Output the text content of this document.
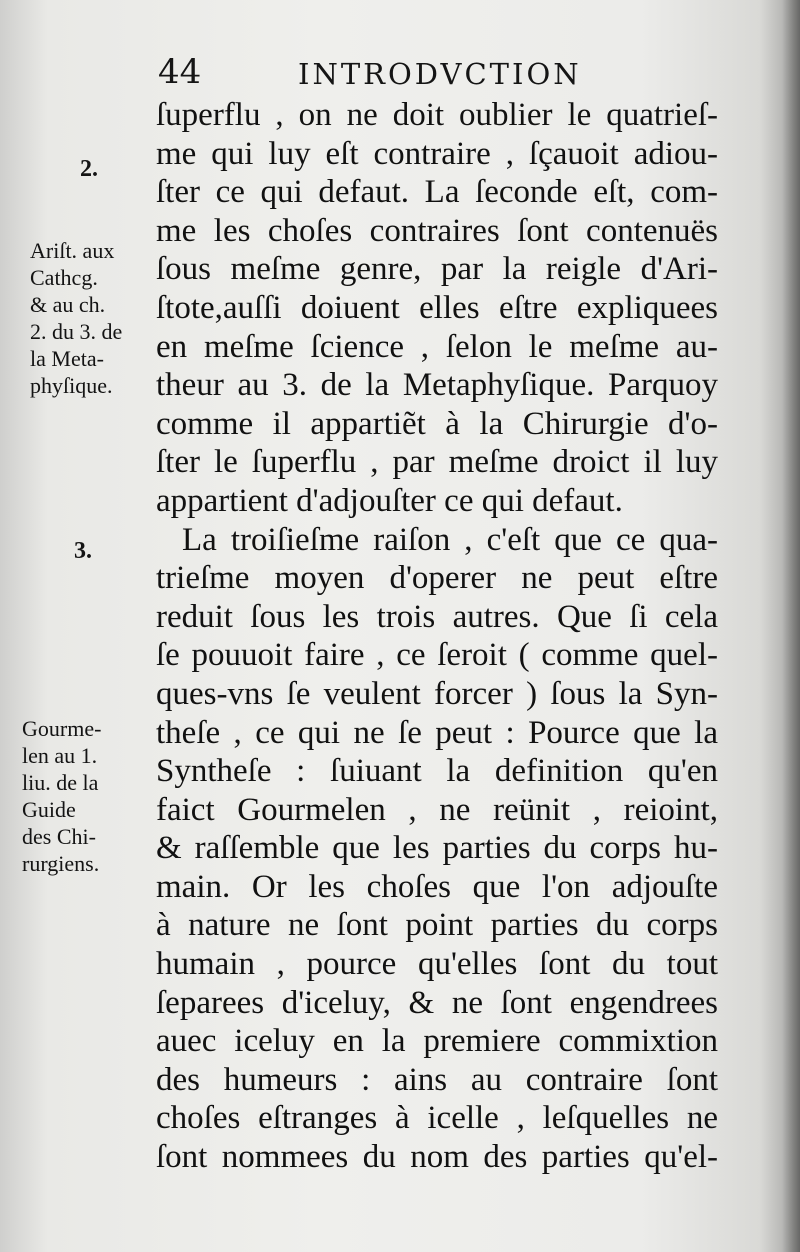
44	INTRODVCTION
ſuperflu , on ne doit oublier le quatrieſ-
me qui luy eſt contraire , ſçauoit adiou-
ſter ce qui defaut. La ſeconde eſt, com-
me les choſes contraires ſont contenuës
ſous meſme genre, par la reigle d'Ari-
ſtote,auſſi doiuent elles eſtre expliquees
en meſme ſcience , ſelon le meſme au-
theur au 3. de la Metaphyſique. Parquoy
comme il appartiẽt à la Chirurgie d'o-
ſter le ſuperflu , par meſme droict il luy
appartient d'adjouſter ce qui defaut.
La troiſieſme raiſon , c'eſt que ce qua-
trieſme moyen d'operer ne peut eſtre
reduit ſous les trois autres. Que ſi cela
ſe pouuoit faire , ce ſeroit ( comme quel-
ques-vns ſe veulent forcer ) ſous la Syn-
theſe , ce qui ne ſe peut : Pource que la
Syntheſe : ſuiuant la definition qu'en
faict Gourmelen , ne reünit , reioint,
& raſſemble que les parties du corps hu-
main. Or les choſes que l'on adjouſte
à nature ne ſont point parties du corps
humain , pource qu'elles ſont du tout
ſeparees d'iceluy, & ne ſont engendrees
auec iceluy en la premiere commixtion
des humeurs : ains au contraire ſont
choſes eſtranges à icelle , leſquelles ne
ſont nommees du nom des parties qu'el-
2.
Ariſt. aux
Cathcg.
& au ch.
2. du 3. de
la Meta-
phyſique.
3.
Gourme-
len au 1.
liu. de la
Guide
des Chi-
rurgiens.
